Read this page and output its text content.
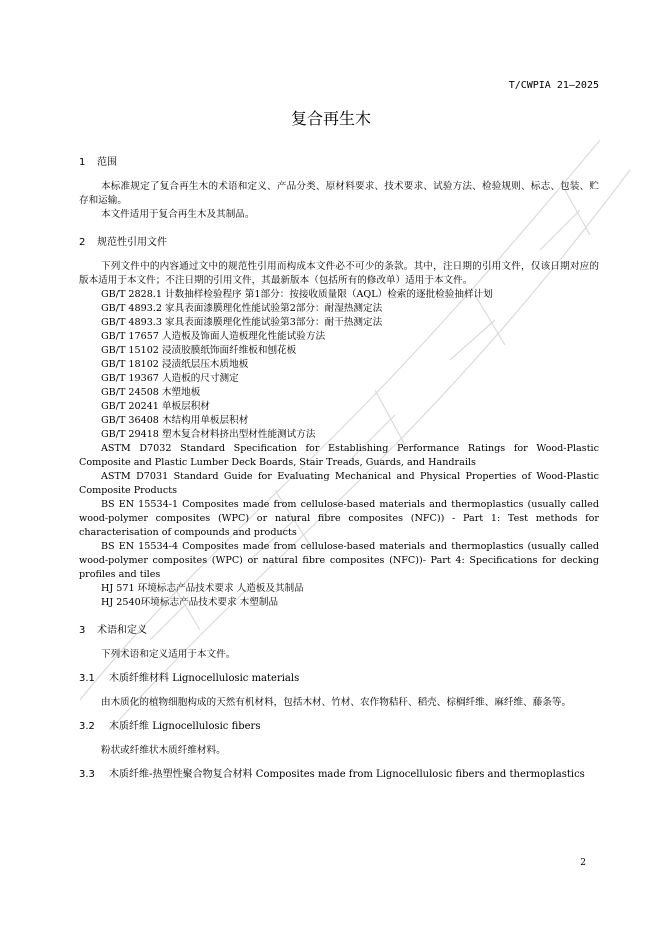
T/CWPIA 21—2025
复合再生木
1 范围

本标准规定了复合再生木的术语和定义、产品分类、原材料要求、技术要求、试验方法、检验规则、标志、包装、贮存和运输。

本文件适用于复合再生木及其制品。

2 规范性引用文件

下列文件中的内容通过文中的规范性引用而构成本文件必不可少的条款。其中，注日期的引用文件，仅该日期对应的版本适用于本文件；不注日期的引用文件，其最新版本（包括所有的修改单）适用于本文件。

GB/T 2828.1 计数抽样检验程序 第1部分：按接收质量限（AQL）检索的逐批检验抽样计划
GB/T 4893.2 家具表面漆膜理化性能试验第2部分：耐湿热测定法
GB/T 4893.3 家具表面漆膜理化性能试验第3部分：耐干热测定法
GB/T 17657 人造板及饰面人造板理化性能试验方法
GB/T 15102 浸渍胶膜纸饰面纤维板和刨花板
GB/T 18102 浸渍纸层压木质地板
GB/T 19367 人造板的尺寸测定
GB/T 24508 木塑地板
GB/T 20241 单板层积材
GB/T 36408 木结构用单板层积材
GB/T 29418 塑木复合材料挤出型材性能测试方法
ASTM D7032 Standard Specification for Establishing Performance Ratings for Wood-Plastic Composite and Plastic Lumber Deck Boards, Stair Treads, Guards, and Handrails
ASTM D7031 Standard Guide for Evaluating Mechanical and Physical Properties of Wood-Plastic Composite Products
BS EN 15534-1 Composites made from cellulose-based materials and thermoplastics (usually called wood-polymer composites (WPC) or natural fibre composites (NFC)) - Part 1: Test methods for characterisation of compounds and products
BS EN 15534-4 Composites made from cellulose-based materials and thermoplastics (usually called wood-polymer composites (WPC) or natural fibre composites (NFC))- Part 4: Specifications for decking profiles and tiles
HJ 571 环境标志产品技术要求 人造板及其制品
HJ 2540环境标志产品技术要求 木塑制品
3 术语和定义

下列术语和定义适用于本文件。

3.1 木质纤维材料 Lignocellulosic materials

由木质化的植物细胞构成的天然有机材料，包括木材、竹材、农作物秸秆、稻壳、棕榈纤维、麻纤维、藤条等。

3.2 木质纤维 Lignocellulosic fibers

粉状或纤维状木质纤维材料。

3.3 木质纤维-热塑性聚合物复合材料 Composites made from Lignocellulosic fibers and thermoplastics
2
